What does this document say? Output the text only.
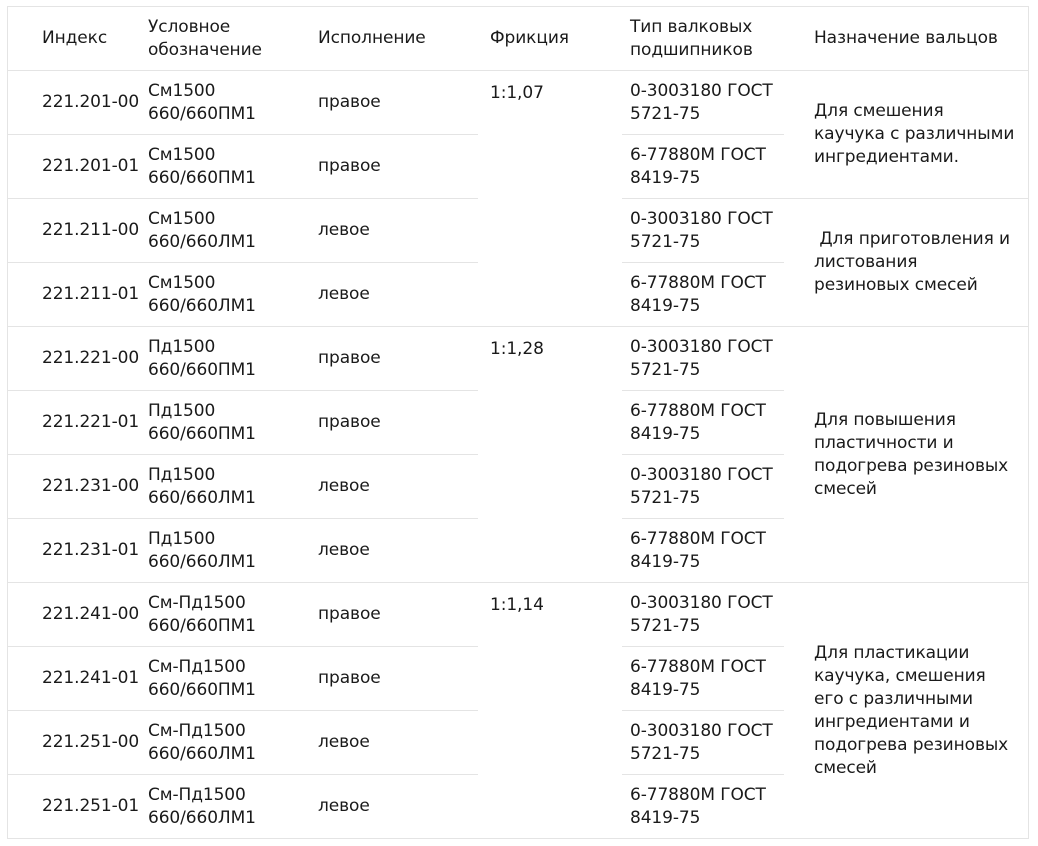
Индекс	Условное обозначение	Исполнение	Фрикция	Тип валковых подшипников	Назначение вальцов
221.201-00	См1500 660/660ПМ1	правое	1:1,07	0-3003180 ГОСТ 5721-75	Для смешения каучука с различными ингредиентами.

221.201-01	См1500 660/660ПМ1	правое		6-77880М ГОСТ 8419-75	
221.211-00	См1500 660/660ЛМ1	левое		0-3003180 ГОСТ 5721-75	Для приготовления и листования резиновых смесей

221.211-01	См1500 660/660ЛМ1	левое		6-77880М ГОСТ 8419-75	
221.221-00	Пд1500 660/660ПМ1	правое	1:1,28	0-3003180 ГОСТ 5721-75	Для повышения пластичности и подогрева резиновых смесей

221.221-01	Пд1500 660/660ПМ1	правое		6-77880М ГОСТ 8419-75	
221.231-00	Пд1500 660/660ЛМ1	левое		0-3003180 ГОСТ 5721-75	
221.231-01	Пд1500 660/660ЛМ1	левое		6-77880М ГОСТ 8419-75	
221.241-00	См-Пд1500 660/660ПМ1	правое	1:1,14	0-3003180 ГОСТ 5721-75	Для пластикации каучука, смешения его с различными ингредиентами и подогрева резиновых смесей

221.241-01	См-Пд1500 660/660ПМ1	правое		6-77880М ГОСТ 8419-75	
221.251-00	См-Пд1500 660/660ЛМ1	левое		0-3003180 ГОСТ 5721-75	
221.251-01	См-Пд1500 660/660ЛМ1	левое		6-77880М ГОСТ 8419-75	
